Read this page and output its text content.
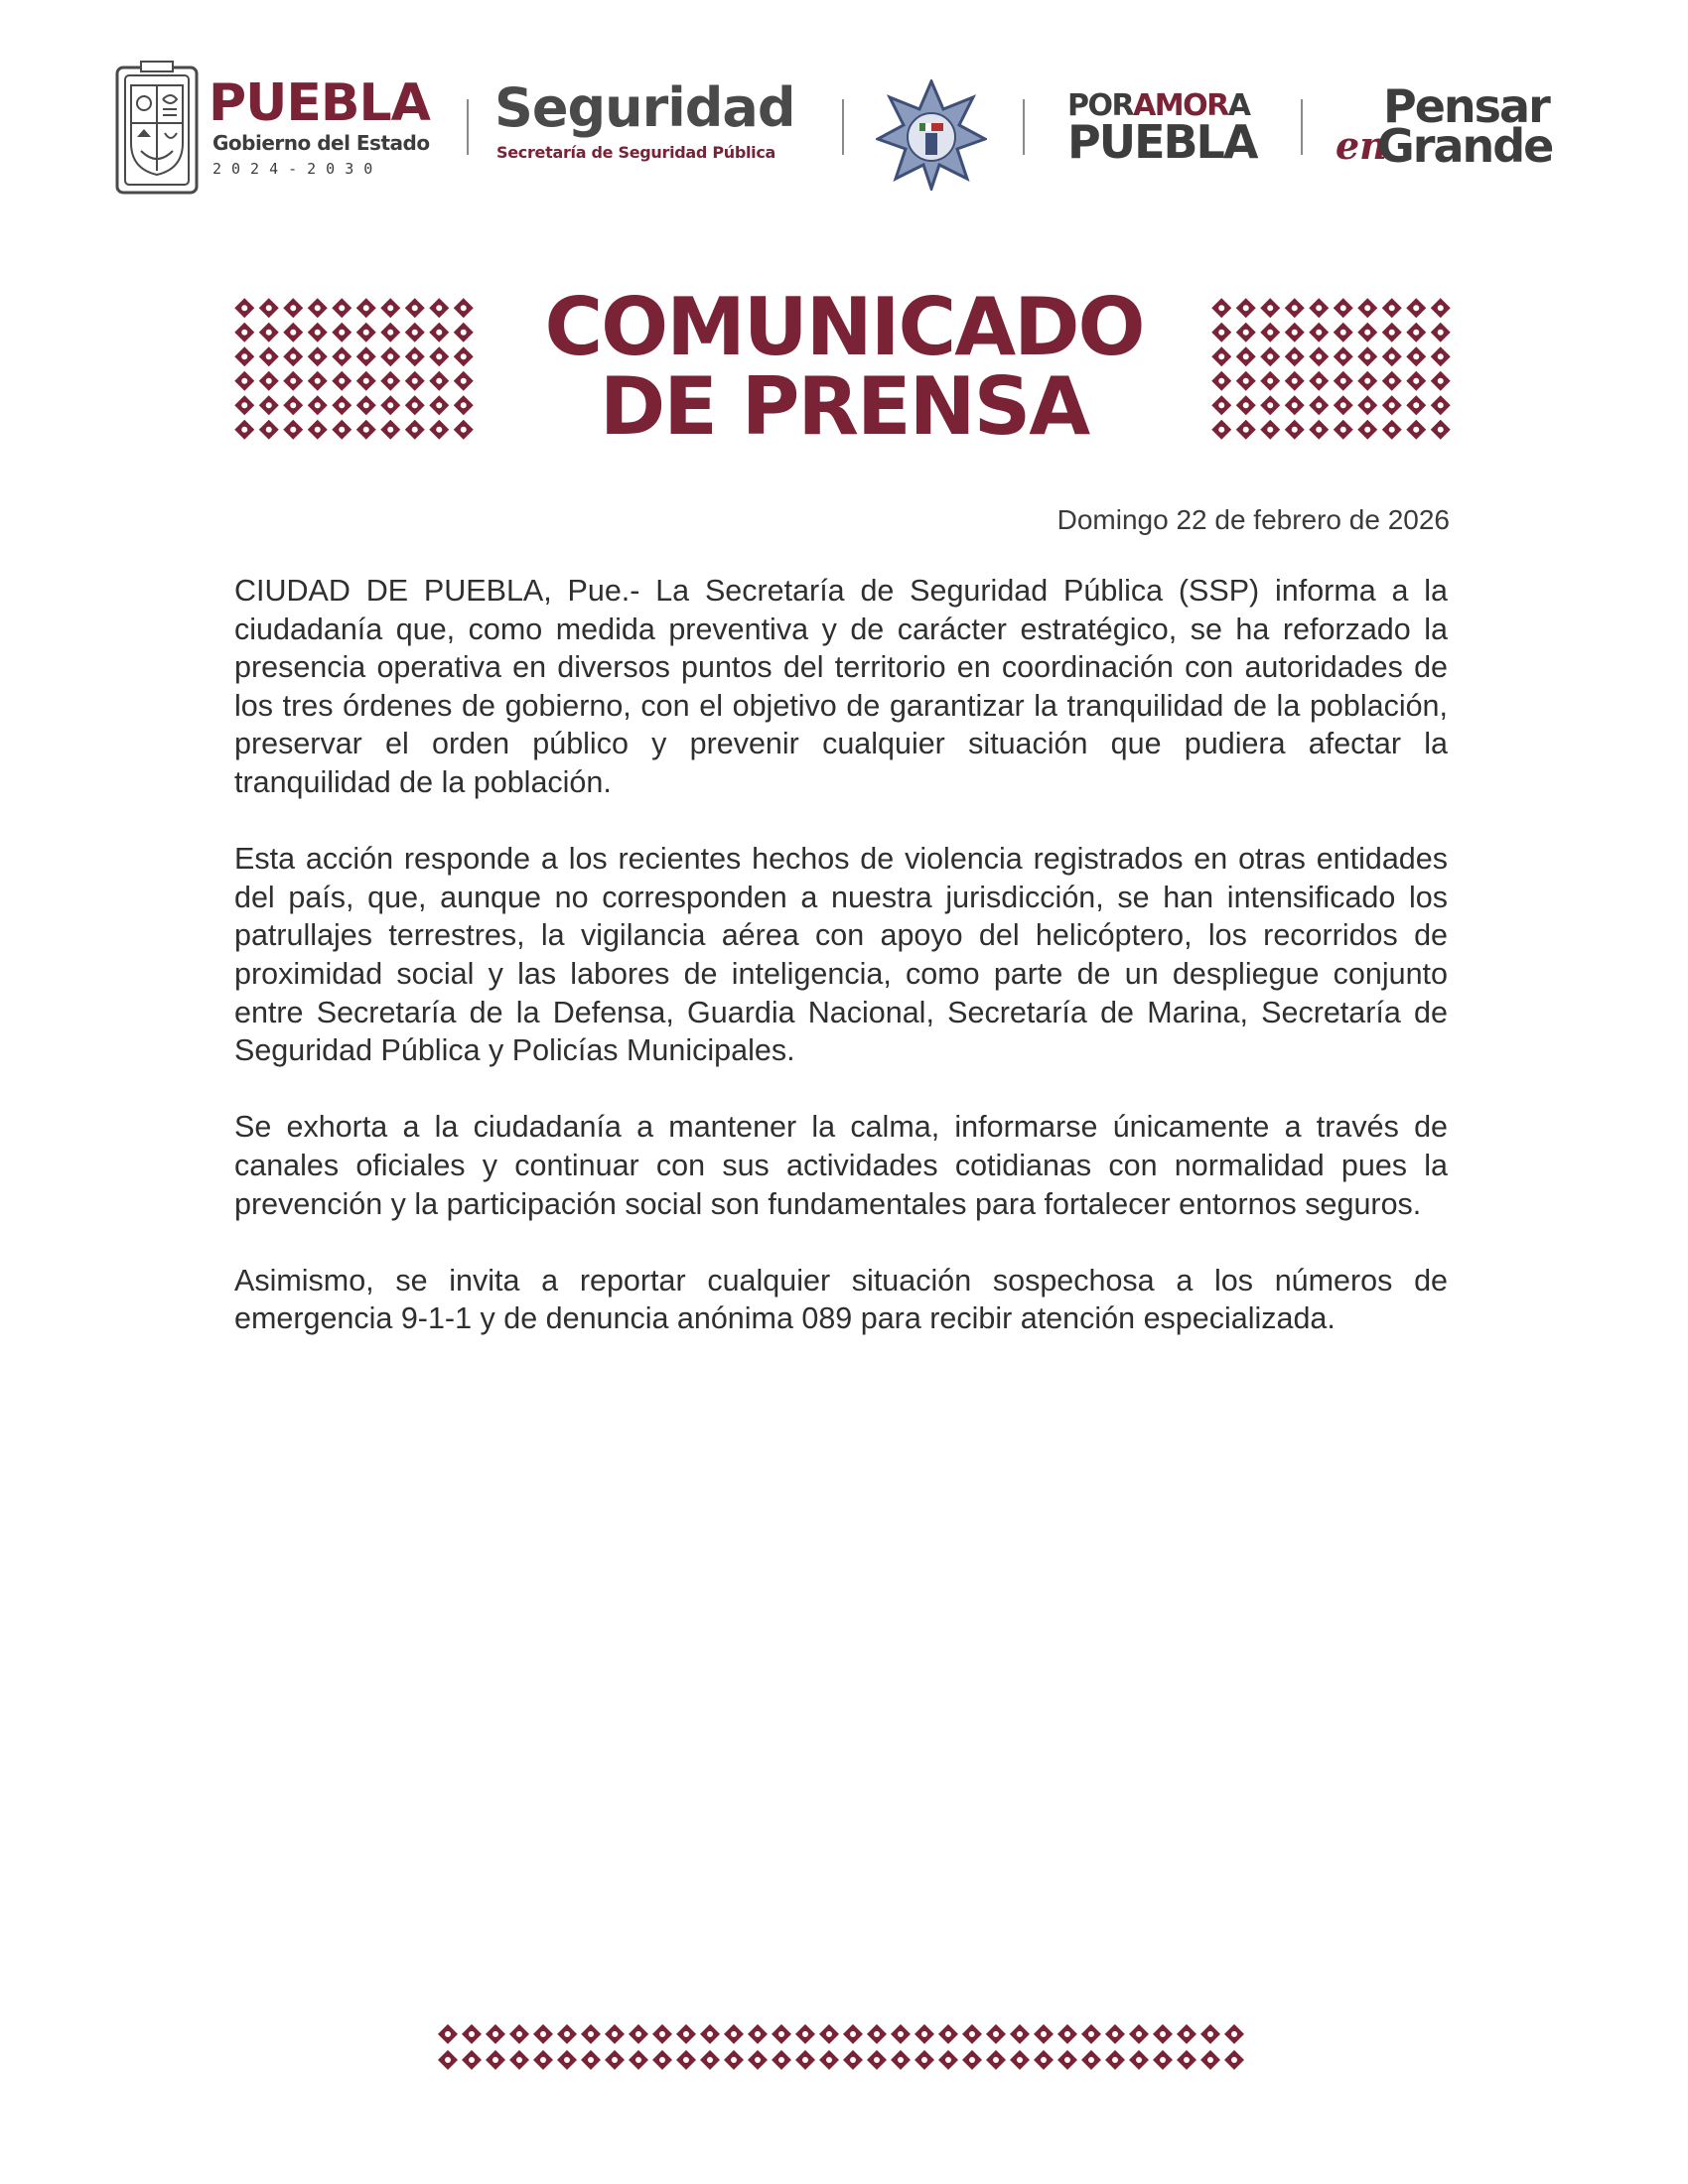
PUEBLA
Gobierno del Estado
2024-2030
Seguridad
Secretaría de Seguridad Pública
PORAMORA
PUEBLA
Pensar
en
Grande
COMUNICADO
DE PRENSA
Domingo 22 de febrero de 2026

CIUDAD DE PUEBLA, Pue.- La Secretaría de Seguridad Pública (SSP) informa a la ciudadanía que, como medida preventiva y de carácter estratégico, se ha reforzado la presencia operativa en diversos puntos del territorio en coordinación con autoridades de los tres órdenes de gobierno, con el objetivo de garantizar la tranquilidad de la población, preservar el orden público y prevenir cualquier situación que pudiera afectar la tranquilidad de la población.

Esta acción responde a los recientes hechos de violencia registrados en otras entidades del país, que, aunque no corresponden a nuestra jurisdicción, se han intensificado los patrullajes terrestres, la vigilancia aérea con apoyo del helicóptero, los recorridos de proximidad social y las labores de inteligencia, como parte de un despliegue conjunto entre Secretaría de la Defensa, Guardia Nacional, Secretaría de Marina, Secretaría de Seguridad Pública y Policías Municipales.

Se exhorta a la ciudadanía a mantener la calma, informarse únicamente a través de canales oficiales y continuar con sus actividades cotidianas con normalidad pues la prevención y la participación social son fundamentales para fortalecer entornos seguros.

Asimismo, se invita a reportar cualquier situación sospechosa a los números de emergencia 9-1-1 y de denuncia anónima 089 para recibir atención especializada.
